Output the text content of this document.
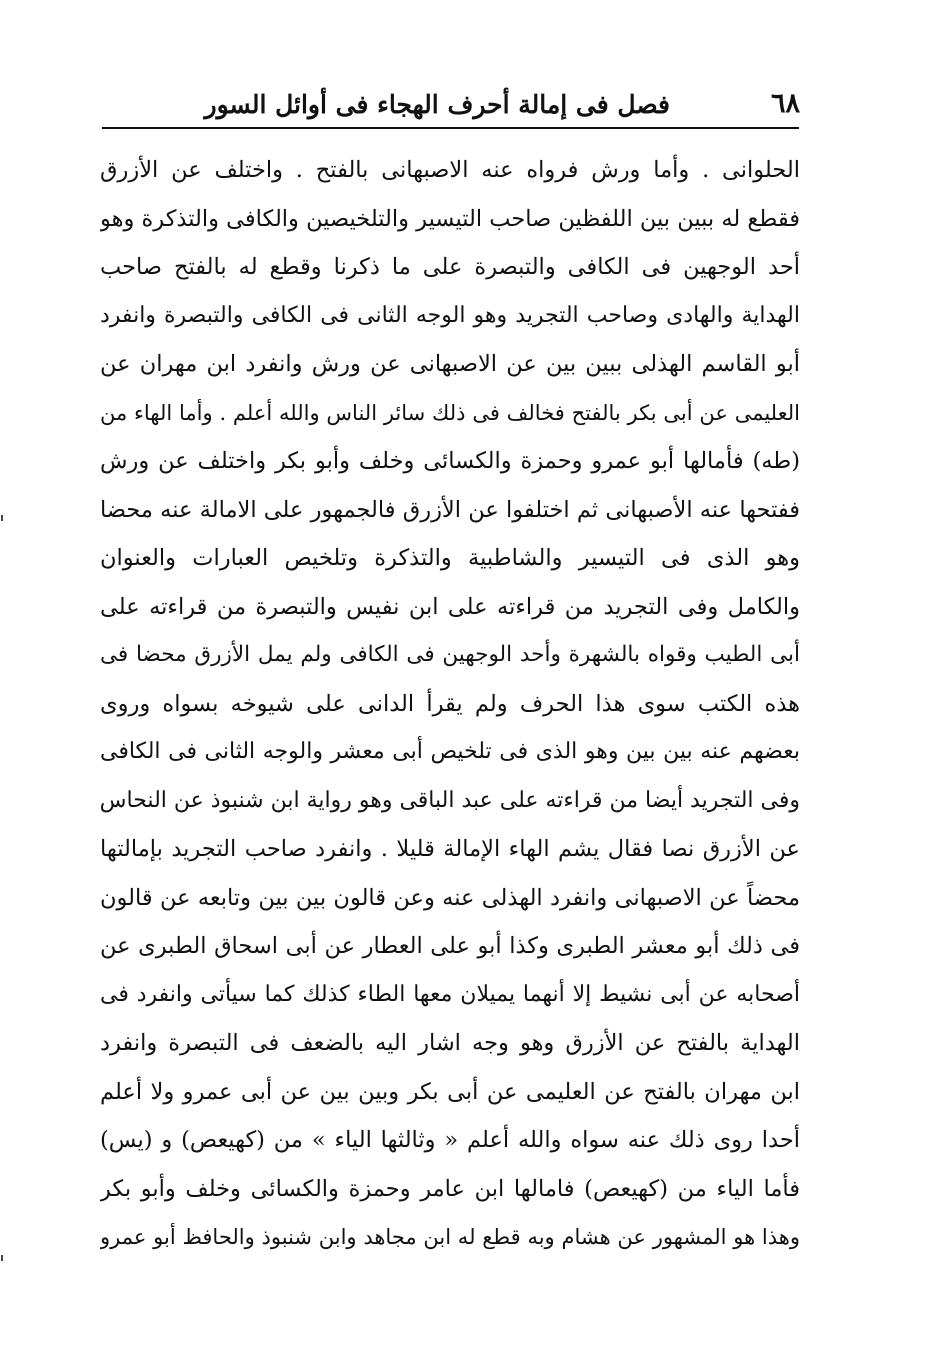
٦٨
فصل فى إمالة أحرف الهجاء فى أوائل السور
الحلوانى . وأما ورش فرواه عنه الاصبهانى بالفتح . واختلف عن الأزرق
فقطع له ببين بين اللفظين صاحب التيسير والتلخيصين والكافى والتذكرة وهو
أحد الوجهين فى الكافى والتبصرة على ما ذكرنا وقطع له بالفتح صاحب
الهداية والهادى وصاحب التجريد وهو الوجه الثانى فى الكافى والتبصرة وانفرد
أبو القاسم الهذلى ببين بين عن الاصبهانى عن ورش وانفرد ابن مهران عن
العليمى عن أبى بكر بالفتح فخالف فى ذلك سائر الناس والله أعلم . وأما الهاء من
(طه) فأمالها أبو عمرو وحمزة والكسائى وخلف وأبو بكر واختلف عن ورش
ففتحها عنه الأصبهانى ثم اختلفوا عن الأزرق فالجمهور على الامالة عنه محضا
وهو الذى فى التيسير والشاطبية والتذكرة وتلخيص العبارات والعنوان
والكامل وفى التجريد من قراءته على ابن نفيس والتبصرة من قراءته على
أبى الطيب وقواه بالشهرة وأحد الوجهين فى الكافى ولم يمل الأزرق محضا فى
هذه الكتب سوى هذا الحرف ولم يقرأ الدانى على شيوخه بسواه وروى
بعضهم عنه بين بين وهو الذى فى تلخيص أبى معشر والوجه الثانى فى الكافى
وفى التجريد أيضا من قراءته على عبد الباقى وهو رواية ابن شنبوذ عن النحاس
عن الأزرق نصا فقال يشم الهاء الإمالة قليلا . وانفرد صاحب التجريد بإمالتها
محضاً عن الاصبهانى وانفرد الهذلى عنه وعن قالون بين بين وتابعه عن قالون
فى ذلك أبو معشر الطبرى وكذا أبو على العطار عن أبى اسحاق الطبرى عن
أصحابه عن أبى نشيط إلا أنهما يميلان معها الطاء كذلك كما سيأتى وانفرد فى
الهداية بالفتح عن الأزرق وهو وجه اشار اليه بالضعف فى التبصرة وانفرد
ابن مهران بالفتح عن العليمى عن أبى بكر وبين بين عن أبى عمرو ولا أعلم
أحدا روى ذلك عنه سواه والله أعلم « وثالثها الياء » من (كهيعص) و (يس)
فأما الياء من (كهيعص) فامالها ابن عامر وحمزة والكسائى وخلف وأبو بكر
وهذا هو المشهور عن هشام وبه قطع له ابن مجاهد وابن شنبوذ والحافظ أبو عمرو
